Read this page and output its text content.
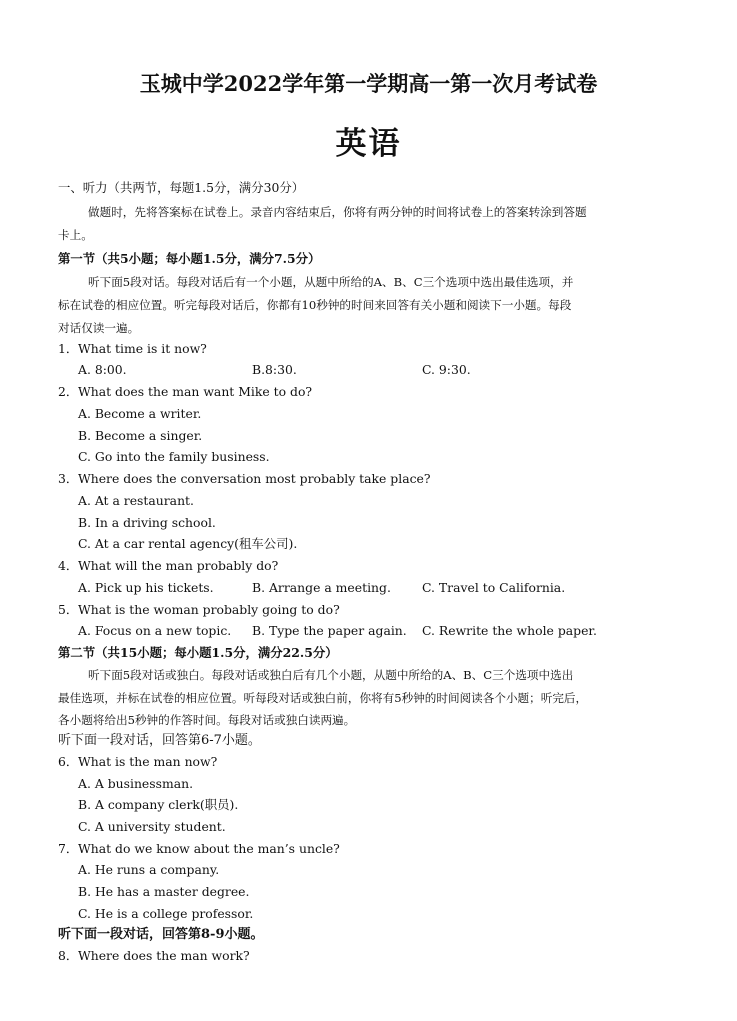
玉城中学2022学年第一学期高一第一次月考试卷
英语
一、听力（共两节，每题1.5分，满分30分）
做题时，先将答案标在试卷上。录音内容结束后，你将有两分钟的时间将试卷上的答案转涂到答题
卡上。
第一节（共5小题；每小题1.5分，满分7.5分）
听下面5段对话。每段对话后有一个小题，从题中所给的A、B、C三个选项中选出最佳选项，并
标在试卷的相应位置。听完每段对话后，你都有10秒钟的时间来回答有关小题和阅读下一小题。每段
对话仅读一遍。
1．What time is it now?
A. 8:00.	B.8:30.	C. 9:30.
2．What does the man want Mike to do?
A. Become a writer.
B. Become a singer.
C. Go into the family business.
3．Where does the conversation most probably take place?
A. At a restaurant.
B. In a driving school.
C. At a car rental agency(租车公司).
4．What will the man probably do?
A. Pick up his tickets.	B. Arrange a meeting.	C. Travel to California.
5．What is the woman probably going to do?
A. Focus on a new topic. B. Type the paper again. C. Rewrite the whole paper.
第二节（共15小题；每小题1.5分，满分22.5分）
听下面5段对话或独白。每段对话或独白后有几个小题，从题中所给的A、B、C三个选项中选出
最佳选项，并标在试卷的相应位置。听每段对话或独白前，你将有5秒钟的时间阅读各个小题；听完后，
各小题将给出5秒钟的作答时间。每段对话或独白读两遍。
听下面一段对话，回答第6-7小题。
6．What is the man now?
A. A businessman.
B. A company clerk(职员).
C. A university student.
7．What do we know about the man’s uncle?
A. He runs a company.
B. He has a master degree.
C. He is a college professor.
听下面一段对话，回答第8-9小题。
8．Where does the man work?
